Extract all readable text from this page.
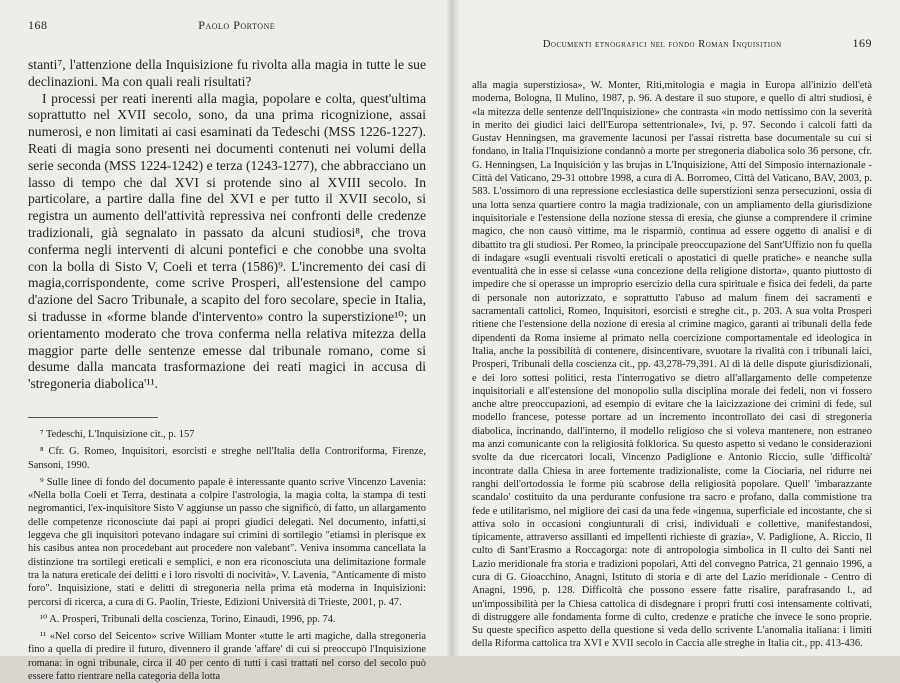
168	Paolo Portone

stanti⁷, l'attenzione della Inquisizione fu rivolta alla magia in tutte le sue declinazioni. Ma con quali reali risultati?

I processi per reati inerenti alla magia, popolare e colta, quest'ultima soprattutto nel XVII secolo, sono, da una prima ricognizione, assai numerosi, e non limitati ai casi esaminati da Tedeschi (MSS 1226-1227). Reati di magia sono presenti nei documenti contenuti nei volumi della serie seconda (MSS 1224-1242) e terza (1243-1277), che abbracciano un lasso di tempo che dal XVI si protende sino al XVIII secolo. In particolare, a partire dalla fine del XVI e per tutto il XVII secolo, si registra un aumento dell'attività repressiva nei confronti delle credenze tradizionali, già segnalato in passato da alcuni studiosi⁸, che trova conferma negli interventi di alcuni pontefici e che conobbe una svolta con la bolla di Sisto V, Coeli et terra (1586)⁹. L'incremento dei casi di magia,corrispondente, come scrive Prosperi, all'estensione del campo d'azione del Sacro Tribunale, a scapito del foro secolare, specie in Italia, si tradusse in «forme blande d'intervento» contro la superstizione¹⁰; un orientamento moderato che trova conferma nella relativa mitezza della maggior parte delle sentenze emesse dal tribunale romano, come si desume dalla mancata trasformazione dei reati magici in accusa di 'stregoneria diabolica'¹¹.

⁷ Tedeschi, L'Inquisizione cit., p. 157

⁸ Cfr. G. Romeo, Inquisitori, esorcisti e streghe nell'Italia della Controriforma, Firenze, Sansoni, 1990.

⁹ Sulle linee di fondo del documento papale è interessante quanto scrive Vincenzo Lavenia: «Nella bolla Coeli et Terra, destinata a colpire l'astrologia, la magia colta, la stampa di testi negromantici, l'ex-inquisitore Sisto V aggiunse un passo che significò, di fatto, un allargamento delle competenze riconosciute dai papi ai propri giudici delegati. Nel documento, infatti,si leggeva che gli inquisitori potevano indagare sui crimini di sortilegio "etiamsi in plerisque ex his casibus antea non procedebant aut procedere non valebant". Veniva insomma cancellata la distinzione tra sortilegi ereticali e semplici, e non era riconosciuta una delimitazione formale tra la natura ereticale dei delitti e i loro risvolti di nocività», V. Lavenia, "Anticamente di misto foro". Inquisizione, stati e delitti di stregoneria nella prima età moderna in Inquisizioni: percorsi di ricerca, a cura di G. Paolin, Trieste, Edizioni Università di Trieste, 2001, p. 47.

¹⁰ A. Prosperi, Tribunali della coscienza, Torino, Einaudi, 1996, pp. 74.

¹¹ «Nel corso del Seicento» scrive William Monter «tutte le arti magiche, dalla stregoneria fino a quella di predire il futuro, divennero il grande 'affare' di cui si preoccupò l'Inquisizione romana: in ogni tribunale, circa il 40 per cento di tutti i casi trattati nel corso del secolo può essere fatto rientrare nella categoria della lotta

Documenti etnografici nel fondo Roman Inquisition	169

alla magia superstiziosa», W. Monter, Riti,mitologia e magia in Europa all'inizio dell'età moderna, Bologna, Il Mulino, 1987, p. 96. A destare il suo stupore, e quello di altri studiosi, è «la mitezza delle sentenze dell'Inquisizione» che contrasta «in modo nettissimo con la severità in merito dei giudici laici dell'Europa settentrionale», Ivi, p. 97. Secondo i calcoli fatti da Gustav Henningsen, ma gravemente lacunosi per l'assai ristretta base documentale su cui si fondano, in Italia l'Inquisizione condannò a morte per stregoneria diabolica solo 36 persone, cfr. G. Henningsen, La Inquisición y las brujas in L'Inquisizione, Atti del Simposio internazionale - Città del Vaticano, 29-31 ottobre 1998, a cura di A. Borromeo, Città del Vaticano, BAV, 2003, p. 583. L'ossimoro di una repressione ecclesiastica delle superstizioni senza persecuzioni, ossia di una lotta senza quartiere contro la magia tradizionale, con un ampliamento della giurisdizione inquisitoriale e l'estensione della nozione stessa di eresia, che giunse a comprendere il crimine magico, che non causò vittime, ma le risparmiò, continua ad essere oggetto di analisi e di dibattito tra gli studiosi. Per Romeo, la principale preoccupazione del Sant'Uffizio non fu quella di indagare «sugli eventuali risvolti ereticali o apostatici di quelle pratiche» e neanche sulla eventualità che in esse si celasse «una concezione della religione distorta», quanto piuttosto di impedire che si operasse un improprio esercizio della cura spirituale e fisica dei fedeli, da parte di personale non autorizzato, e soprattutto l'abuso ad malum finem dei sacramenti e sacramentali cattolici, Romeo, Inquisitori, esorcisti e streghe cit., p. 203. A sua volta Prosperi ritiene che l'estensione della nozione di eresia al crimine magico, garantì ai tribunali della fede dipendenti da Roma insieme al primato nella coercizione comportamentale ed ideologica in Italia, anche la possibilità di contenere, disincentivare, svuotare la rivalità con i tribunali laici, Prosperi, Tribunali della coscienza cit., pp. 43,278-79,391. Al di là delle dispute giurisdizionali, e dei loro sottesi politici, resta l'interrogativo se dietro all'allargamento delle competenze inquisitoriali e all'estensione del monopolio sulla disciplina morale dei fedeli, non vi fossero anche altre preoccupazioni, ad esempio di evitare che la laicizzazione dei crimini di fede, sul modello francese, potesse portare ad un incremento incontrollato dei casi di stregoneria diabolica, incrinando, dall'interno, il modello religioso che si voleva mantenere, non estraneo ma anzi comunicante con la religiosità folklorica. Su questo aspetto si vedano le considerazioni svolte da due ricercatori locali, Vincenzo Padiglione e Antonio Riccio, sulle 'difficoltà' incontrate dalla Chiesa in aree fortemente tradizionaliste, come la Ciociaria, nel ridurre nei ranghi dell'ortodossia le forme più scabrose della religiosità popolare. Quell' 'imbarazzante scandalo' costituito da una perdurante confusione tra sacro e profano, dalla commistione tra fede e utilitarismo, nel migliore dei casi da una fede «ingenua, superficiale ed incostante, che si attiva solo in occasioni congiunturali di crisi, individuali e collettive, manifestandosi, tipicamente, attraverso assillanti ed impellenti richieste di grazia», V. Padiglione, A. Riccio, Il culto di Sant'Erasmo a Roccagorga: note di antropologia simbolica in Il culto dei Santi nel Lazio meridionale fra storia e tradizioni popolari, Atti del convegno Patrica, 21 gennaio 1996, a cura di G. Gioacchino, Anagni, Istituto di storia e di arte del Lazio meridionale - Centro di Anagni, 1996, p. 128. Difficoltà che possono essere fatte risalire, parafrasando l., ad un'impossibilità per la Chiesa cattolica di disdegnare i propri frutti così intensamente coltivati, di distruggere alle fondamenta forme di culto, credenze e pratiche che invece le sono proprie. Su queste specifico aspetto della questione si veda dello scrivente L'anomalia italiana: i limiti della Riforma cattolica tra XVI e XVII secolo in Caccia alle streghe in Italia cit., pp. 413-436.
